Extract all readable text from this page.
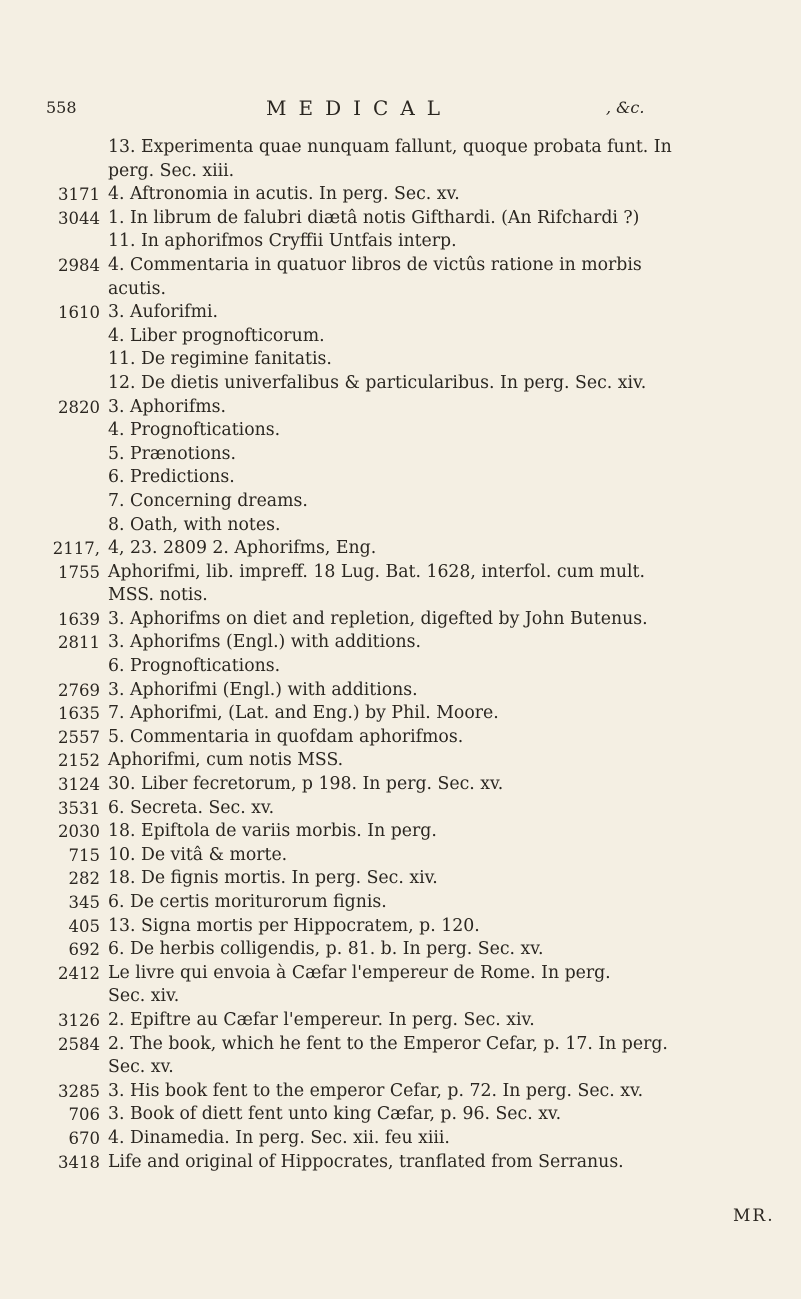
558	MEDICAL	, &c.
13. Experimenta quae nunquam fallunt, quoque probata funt. In
perg. Sec. xiii.
3171 4. Aftronomia in acutis. In perg. Sec. xv.
3044 1. In librum de falubri diætâ notis Gifthardi. (An Rifchardi ?)
11. In aphorifmos Cryffii Untfais interp.
2984 4. Commentaria in quatuor libros de victûs ratione in morbis
acutis.
1610 3. Auforifmi.
4. Liber prognofticorum.
11. De regimine fanitatis.
12. De dietis univerfalibus & particularibus. In perg. Sec. xiv.
2820 3. Aphorifms.
4. Prognoftications.
5. Prænotions.
6. Predictions.
7. Concerning dreams.
8. Oath, with notes.
2117, 4, 23. 2809 2. Aphorifms, Eng.
1755 Aphorifmi, lib. impreff. 18 Lug. Bat. 1628, interfol. cum mult.
MSS. notis.
1639 3. Aphorifms on diet and repletion, digefted by John Butenus.
2811 3. Aphorifms (Engl.) with additions.
6. Prognoftications.
2769 3. Aphorifmi (Engl.) with additions.
1635 7. Aphorifmi, (Lat. and Eng.) by Phil. Moore.
2557 5. Commentaria in quofdam aphorifmos.
2152 Aphorifmi, cum notis MSS.
3124 30. Liber fecretorum, p 198. In perg. Sec. xv.
3531 6. Secreta. Sec. xv.
2030 18. Epiftola de variis morbis. In perg.
715 10. De vitâ & morte.
282 18. De fignis mortis. In perg. Sec. xiv.
345 6. De certis moriturorum fignis.
405 13. Signa mortis per Hippocratem, p. 120.
692 6. De herbis colligendis, p. 81. b. In perg. Sec. xv.
2412 Le livre qui envoia à Cæfar l'empereur de Rome. In perg.
Sec. xiv.
3126 2. Epiftre au Cæfar l'empereur. In perg. Sec. xiv.
2584 2. The book, which he fent to the Emperor Cefar, p. 17. In perg.
Sec. xv.
3285 3. His book fent to the emperor Cefar, p. 72. In perg. Sec. xv.
706 3. Book of diett fent unto king Cæfar, p. 96. Sec. xv.
670 4. Dinamedia. In perg. Sec. xii. feu xiii.
3418 Life and original of Hippocrates, tranflated from Serranus.
MR.
